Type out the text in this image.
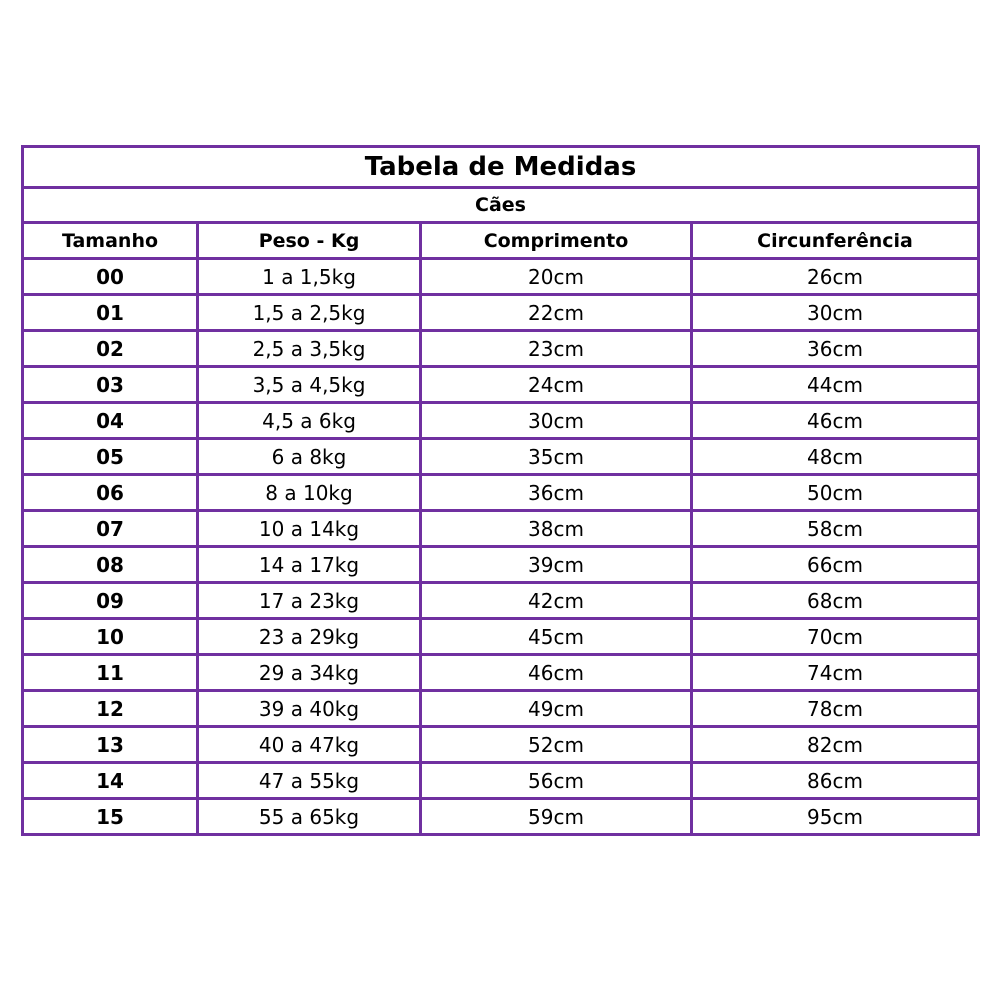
Tabela de Medidas			
Cães			
Tamanho	Peso - Kg	Comprimento	Circunferência
00	1 a 1,5kg	20cm	26cm
01	1,5 a 2,5kg	22cm	30cm
02	2,5 a 3,5kg	23cm	36cm
03	3,5 a 4,5kg	24cm	44cm
04	4,5 a 6kg	30cm	46cm
05	6 a 8kg	35cm	48cm
06	8 a 10kg	36cm	50cm
07	10 a 14kg	38cm	58cm
08	14 a 17kg	39cm	66cm
09	17 a 23kg	42cm	68cm
10	23 a 29kg	45cm	70cm
11	29 a 34kg	46cm	74cm
12	39 a 40kg	49cm	78cm
13	40 a 47kg	52cm	82cm
14	47 a 55kg	56cm	86cm
15	55 a 65kg	59cm	95cm
